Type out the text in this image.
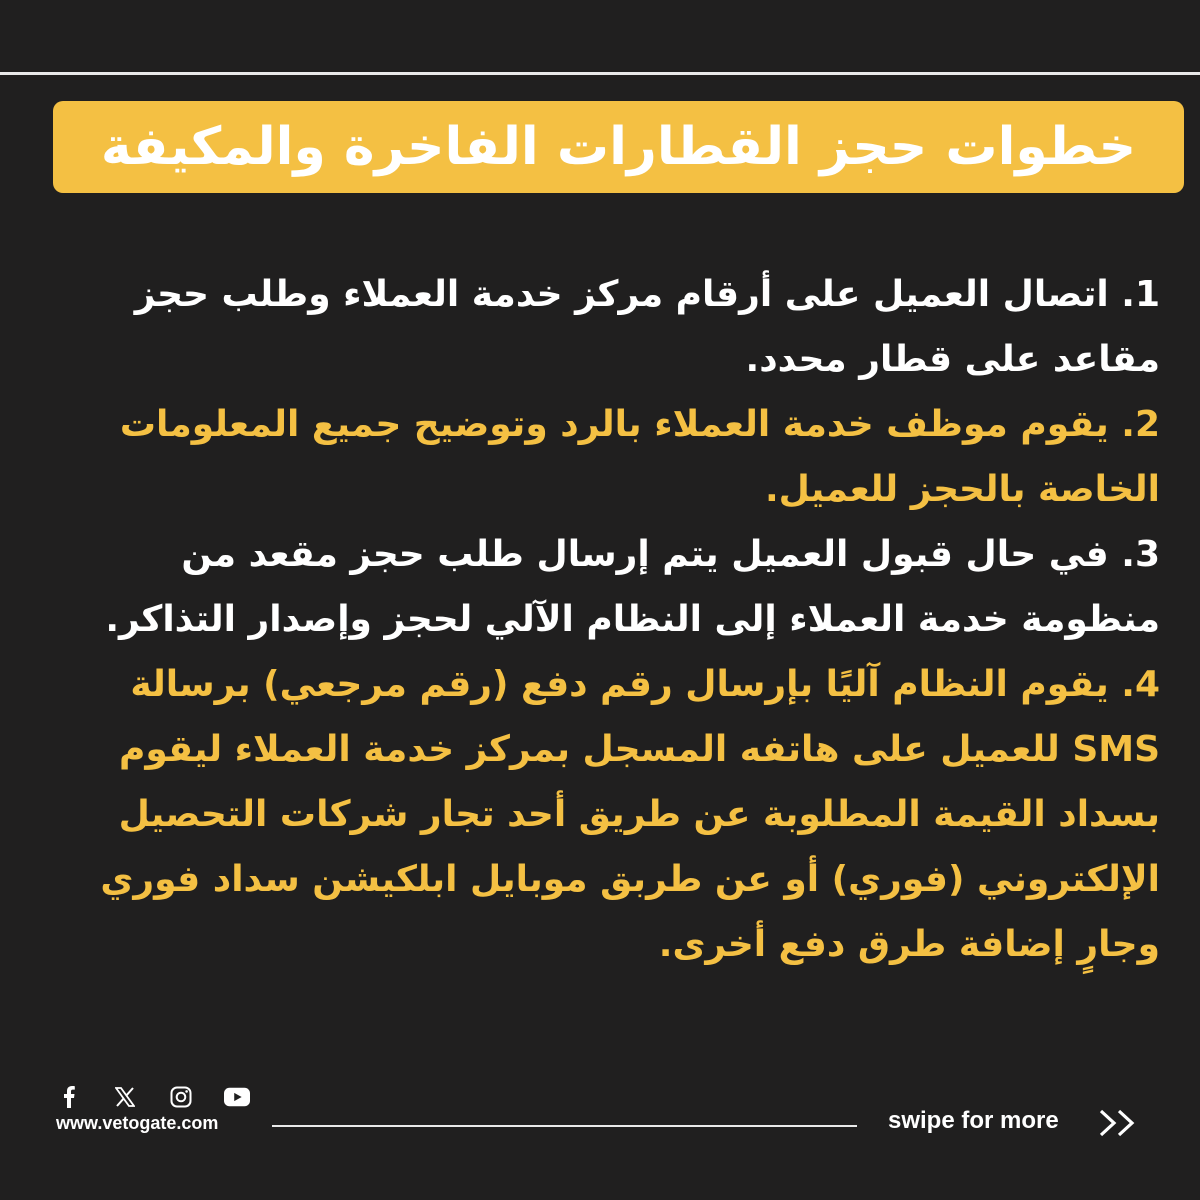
خطوات حجز القطارات الفاخرة والمكيفة

1. اتصال العميل على أرقام مركز خدمة العملاء وطلب حجز مقاعد على قطار محدد.

2. يقوم موظف خدمة العملاء بالرد وتوضيح جميع المعلومات الخاصة بالحجز للعميل.

3. في حال قبول العميل يتم إرسال طلب حجز مقعد من منظومة خدمة العملاء إلى النظام الآلي لحجز وإصدار التذاكر.

4. يقوم النظام آليًا بإرسال رقم دفع (رقم مرجعي) برسالة SMS للعميل على هاتفه المسجل بمركز خدمة العملاء ليقوم بسداد القيمة المطلوبة عن طريق أحد تجار شركات التحصيل الإلكتروني (فوري) أو عن طربق موبايل ابلكيشن سداد فوري وجارٍ إضافة طرق دفع أخرى.

www.vetogate.com	swipe for more
